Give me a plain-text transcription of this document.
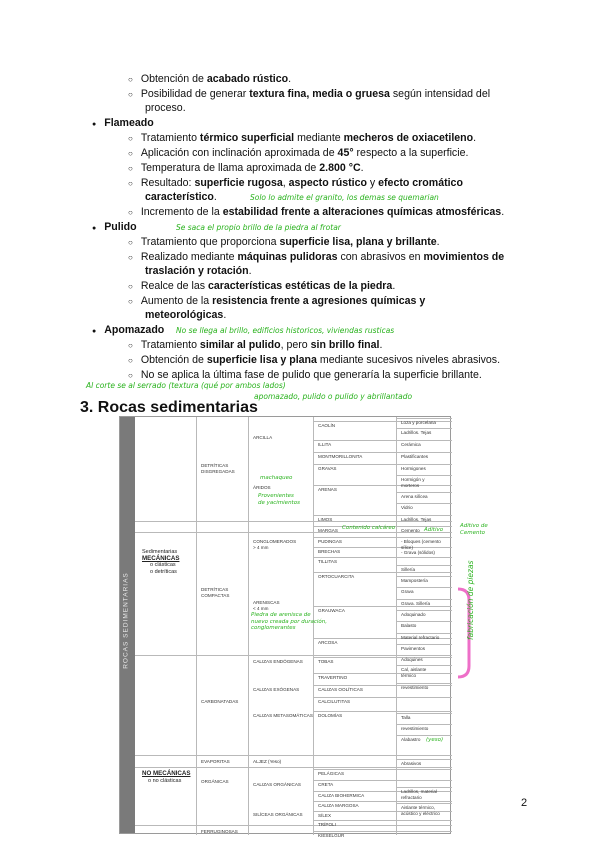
○ Obtención de acabado rústico.
○ Posibilidad de generar textura fina, media o gruesa según intensidad del
proceso.
● Flameado
○ Tratamiento térmico superficial mediante mecheros de oxiacetileno.
○ Aplicación con inclinación aproximada de 45° respecto a la superficie.
○ Temperatura de llama aproximada de 2.800 °C.
○ Resultado: superficie rugosa, aspecto rústico y efecto cromático
característico.
○ Incremento de la estabilidad frente a alteraciones químicas atmosféricas.
● Pulido
○ Tratamiento que proporciona superficie lisa, plana y brillante.
○ Realizado mediante máquinas pulidoras con abrasivos en movimientos de
traslación y rotación.
○ Realce de las características estéticas de la piedra.
○ Aumento de la resistencia frente a agresiones químicas y
meteorológicas.
● Apomazado
○ Tratamiento similar al pulido, pero sin brillo final.
○ Obtención de superficie lisa y plana mediante sucesivos niveles abrasivos.
○ No se aplica la última fase de pulido que generaría la superficie brillante.
Solo lo admite el granito, los demas se quemarian
Se saca el propio brillo de la piedra al frotar
No se llega al brillo, edificios historicos, viviendas rusticas
Al corte se al serrado (textura (qué por ambos lados)
apomazado, pulido o pulido y abrillantado
3. Rocas sedimentarias
ROCAS SEDIMENTARIAS
Sedimentarias
MECÁNICAS
o clásticas
o detríticas
NO MECÁNICAS
o no clásticas
DETRÍTICAS
DISGREGADAS
DETRÍTICAS
COMPACTAS
CARBONATADAS
EVAPORITAS
ORGÁNICAS
FERRUGINOSAS
ARCILLA
ÁRIDOS
CONGLOMERADOS
> 4 mm
ARENISCAS
< 4 mm
CALIZAS ENDÓGENAS
CALIZAS EXÓGENAS
CALIZAS METASOMÁTICAS
ALJEZ (Yeso)
CALIZAS ORGÁNICAS
SILÍCEAS ORGÁNICAS
CAOLÍN
ILLITA
MONTMORILLONITA
GRAVAS
ARENAS
LIMOS
MARGAS
PUDINGAS
BRECHAS
TILLITAS
ORTOCUARCITA
GRAUWACA
ARCOSA
TOBAS
TRAVERTINO
CALIZAS OOLÍTICAS
CALCILUTITAS
DOLOMÍAS
PELÁGICAS
CRETA
CALIZA BIOHERMICA
CALIZA MARGOSA
SÍLEX
TRÍPOLI
KIESELGUR
Loza y porcelana
Ladrillos. Tejas
Cerámica
Plastificantes
Hormigones
Hormigón y
morteros
Arena silícea
Vidrio
Ladrillos. Tejas
Cemento
- Bloques (cemento
sílice)
- Grava (sólidos)
Sillería
Mampostería
Grava
Grava. Sillería
Adoquinado
Balasto
Material refractario
Pavimentos
Adoquines
Cal, aislante
térmico
revestimiento
Talla
revestimiento
Alabastro
Abrasivos
Ladrillos, material
refractario
Aislante térmico,
acústico y eléctrico
machaqueo
Provenientes
de yacimientos
Contenido calcáreo	Aditivo
Aditivo de
Cemento
Piedra de arenisca de
nuevo creada por duración,
conglomerantes
(yeso)
fabricación de piezas
2
